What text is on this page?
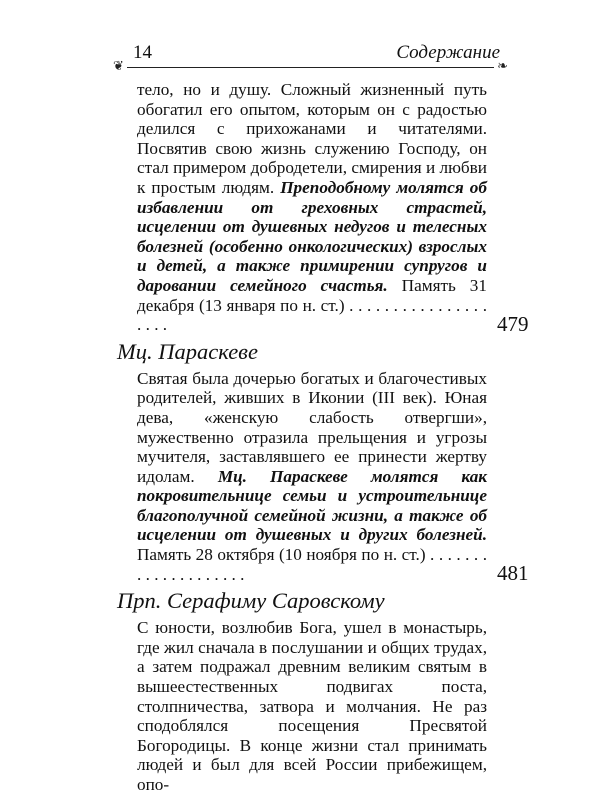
❦
14	Содержание
❧
тело, но и душу. Сложный жизненный путь обогатил его опытом, которым он с радостью делился с прихожанами и читателями. Посвятив свою жизнь служению Господу, он стал примером добродетели, смирения и любви к простым людям. Преподобному молятся об избавлении от греховных страстей, исцелении от душевных недугов и телесных болезней (особенно онкологических) взрослых и детей, а также примирении супругов и даровании семейного счастья. Память 31 декабря (13 января по н. ст.) . . . . . . . . . . . . . . . . . . . .	479
Мц. Параскеве
Святая была дочерью богатых и благочестивых родителей, живших в Иконии (III век). Юная дева, «женскую слабость отвергши», мужественно отразила прельщения и угрозы мучителя, заставлявшего ее принести жертву идолам. Мц. Параскеве молятся как покровительнице семьи и устроительнице благополучной семейной жизни, а также об исцелении от душевных и других болезней. Память 28 октября (10 ноября по н. ст.) . . . . . . . . . . . . . . . . . . . .	481
Прп. Серафиму Саровскому
С юности, возлюбив Бога, ушел в монастырь, где жил сначала в послушании и общих трудах, а затем подражал древним великим святым в вышеестественных подвигах поста, столпничества, затвора и молчания. Не раз сподоблялся посещения Пресвятой Богородицы. В конце жизни стал принимать людей и был для всей России прибежищем, опо-
